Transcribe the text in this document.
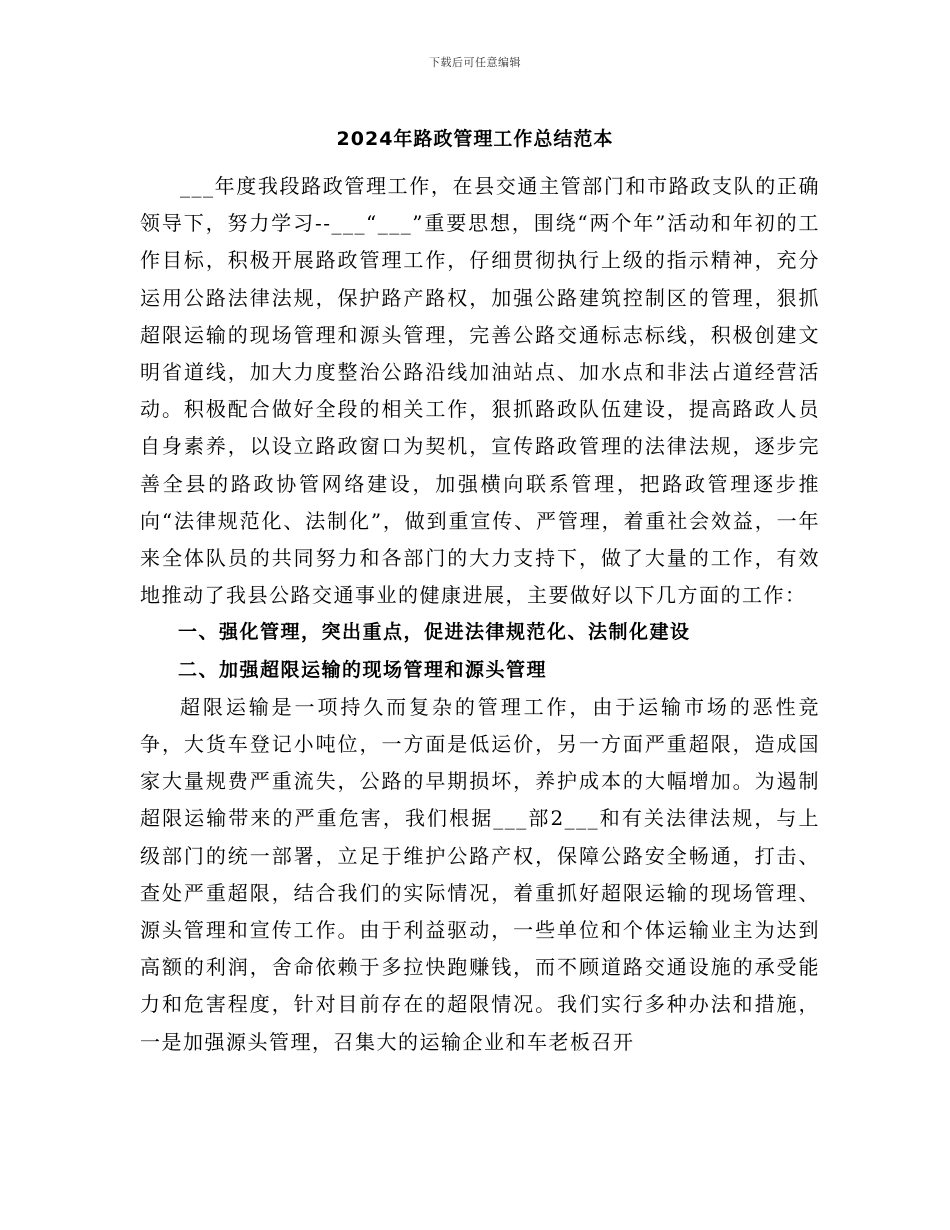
下载后可任意编辑
2024年路政管理工作总结范本

___年度我段路政管理工作，在县交通主管部门和市路政支队的正确领导下，努力学习--___“___”重要思想，围绕“两个年”活动和年初的工作目标，积极开展路政管理工作，仔细贯彻执行上级的指示精神，充分运用公路法律法规，保护路产路权，加强公路建筑控制区的管理，狠抓超限运输的现场管理和源头管理，完善公路交通标志标线，积极创建文明省道线，加大力度整治公路沿线加油站点、加水点和非法占道经营活动。积极配合做好全段的相关工作，狠抓路政队伍建设，提高路政人员自身素养，以设立路政窗口为契机，宣传路政管理的法律法规，逐步完善全县的路政协管网络建设，加强横向联系管理，把路政管理逐步推向“法律规范化、法制化”，做到重宣传、严管理，着重社会效益，一年来全体队员的共同努力和各部门的大力支持下，做了大量的工作，有效地推动了我县公路交通事业的健康进展，主要做好以下几方面的工作：

一、强化管理，突出重点，促进法律规范化、法制化建设

二、加强超限运输的现场管理和源头管理

超限运输是一项持久而复杂的管理工作，由于运输市场的恶性竞争，大货车登记小吨位，一方面是低运价，另一方面严重超限，造成国家大量规费严重流失，公路的早期损坏，养护成本的大幅增加。为遏制超限运输带来的严重危害，我们根据___部2___和有关法律法规，与上级部门的统一部署，立足于维护公路产权，保障公路安全畅通，打击、查处严重超限，结合我们的实际情况，着重抓好超限运输的现场管理、源头管理和宣传工作。由于利益驱动，一些单位和个体运输业主为达到高额的利润，舍命依赖于多拉快跑赚钱，而不顾道路交通设施的承受能力和危害程度，针对目前存在的超限情况。我们实行多种办法和措施，一是加强源头管理，召集大的运输企业和车老板召开
